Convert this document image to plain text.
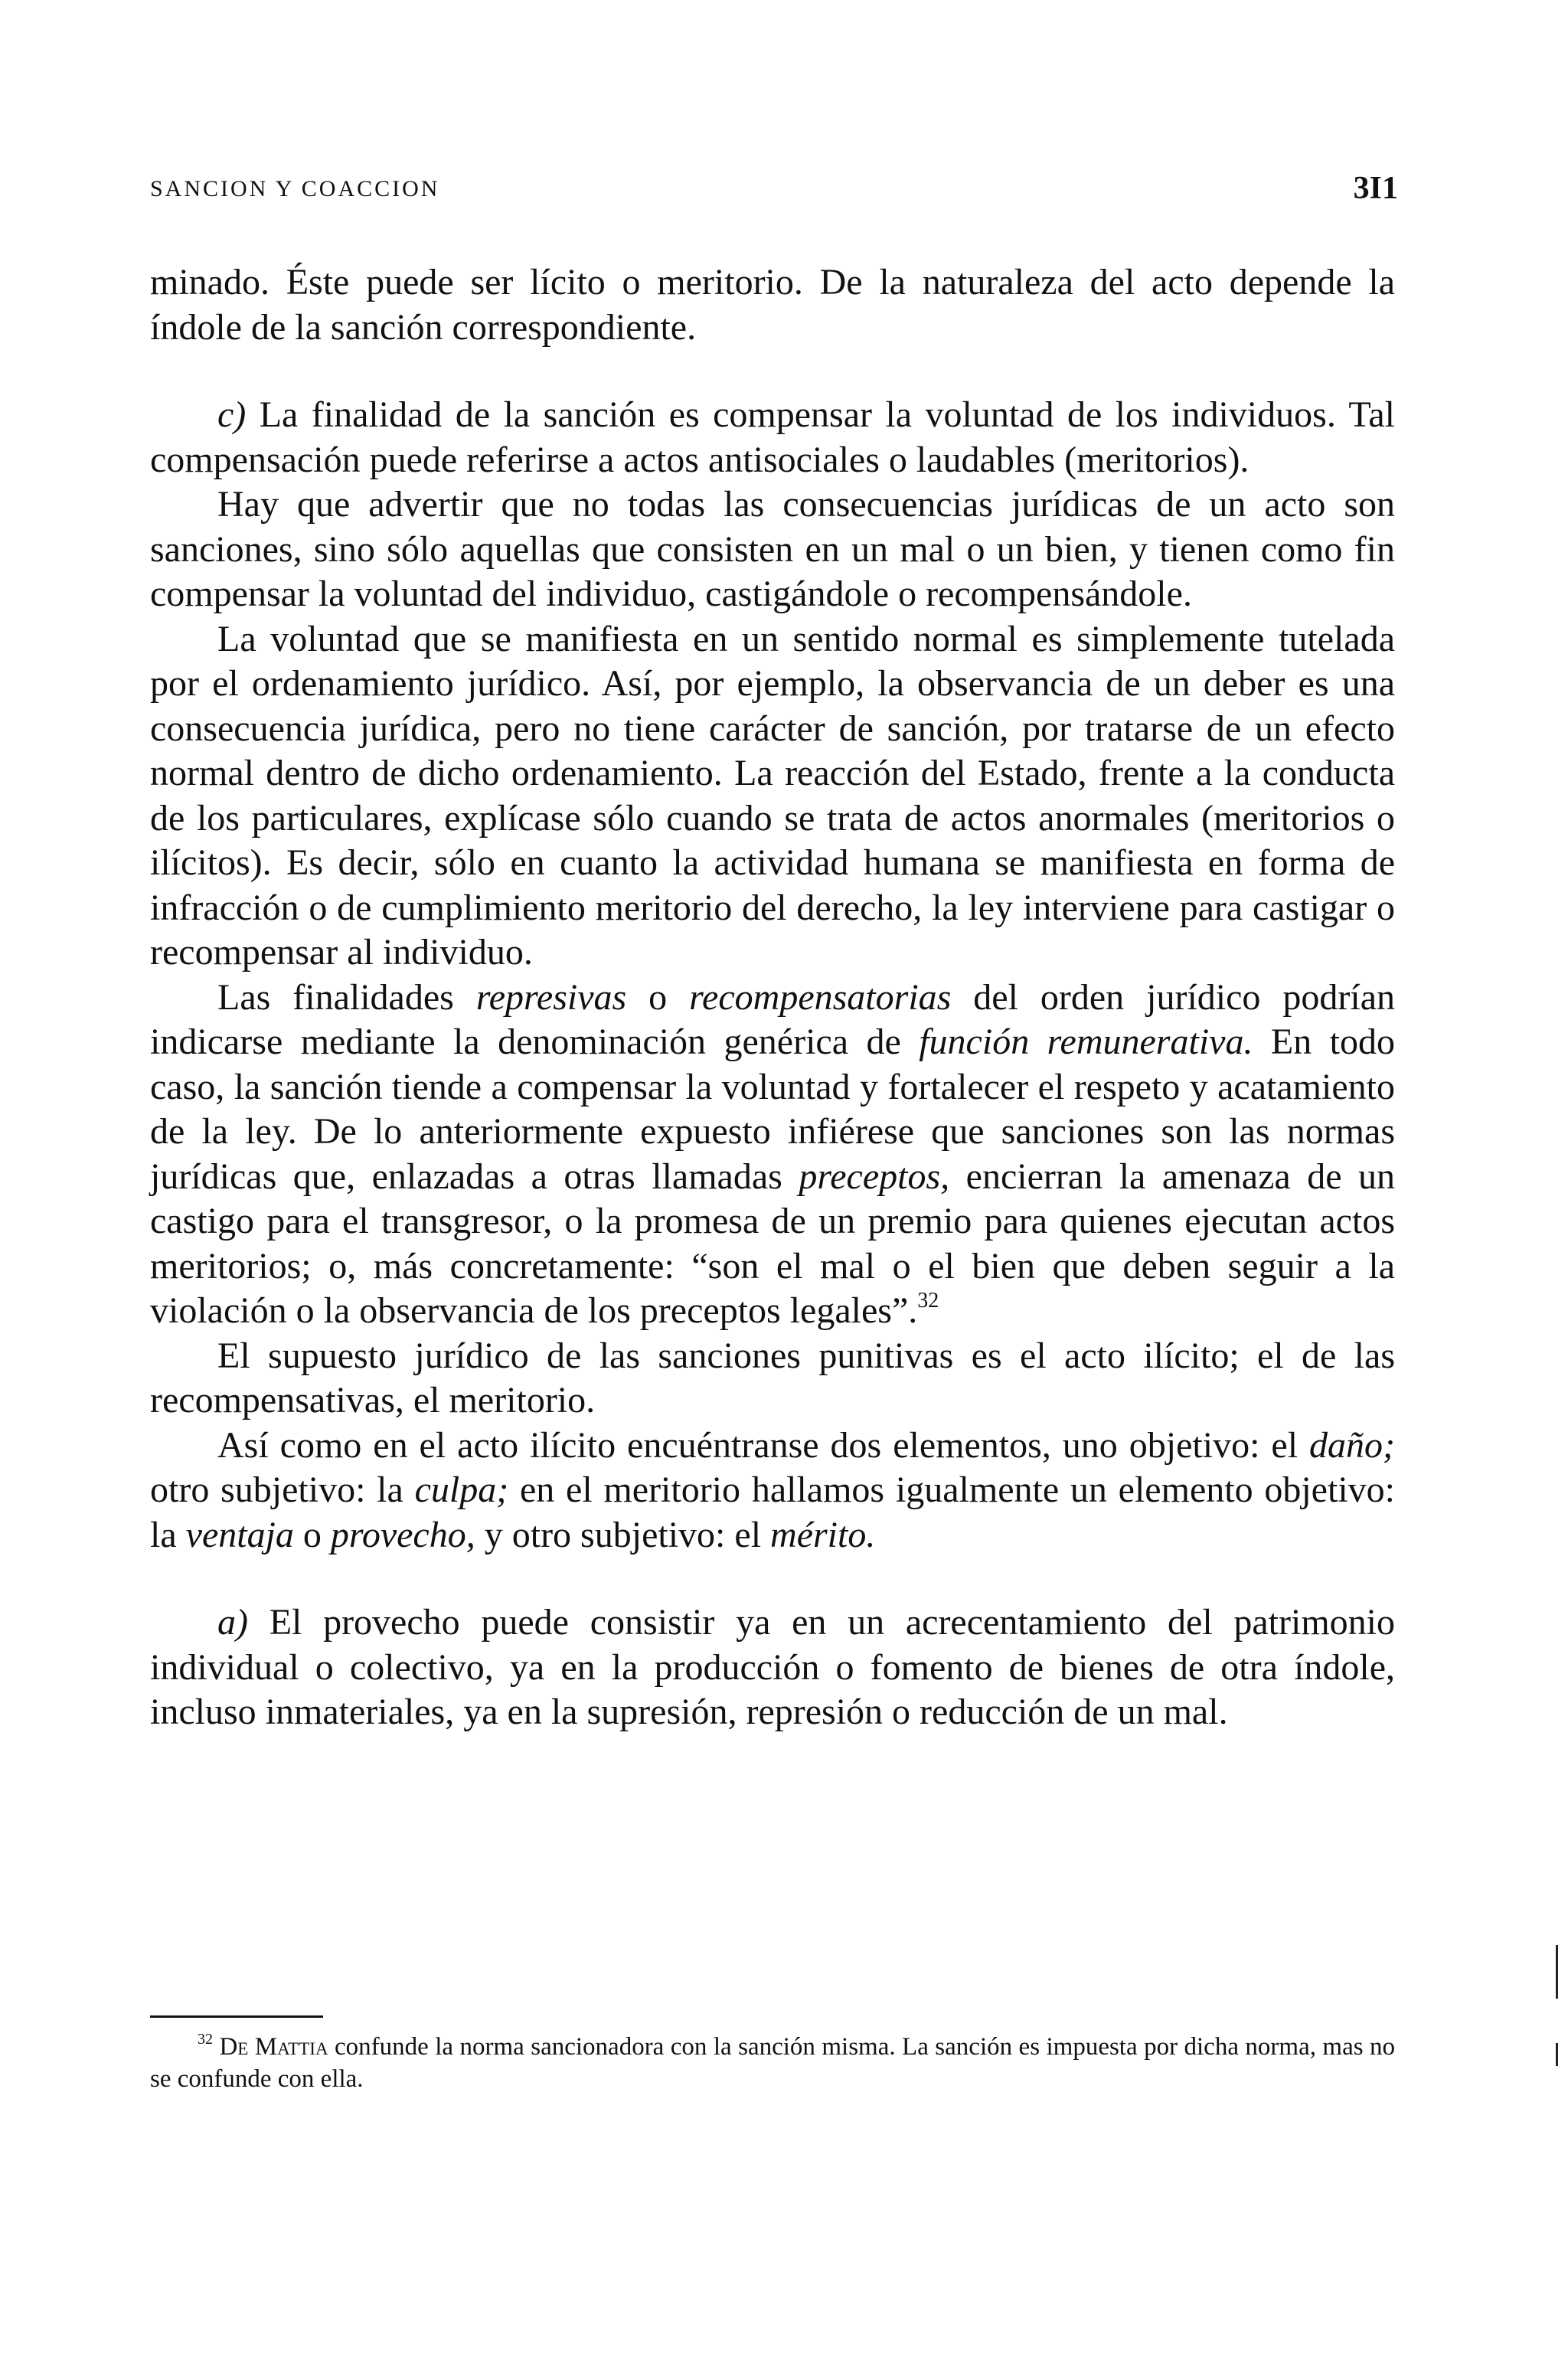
SANCION Y COACCION	3I1

minado. Éste puede ser lícito o meritorio. De la naturaleza del acto depende la índole de la sanción correspondiente.

c) La finalidad de la sanción es compensar la voluntad de los individuos. Tal compensación puede referirse a actos antisociales o laudables (meritorios).

Hay que advertir que no todas las consecuencias jurídicas de un acto son sanciones, sino sólo aquellas que consisten en un mal o un bien, y tienen como fin compensar la voluntad del individuo, castigándole o recompensándole.

La voluntad que se manifiesta en un sentido normal es simplemente tutelada por el ordenamiento jurídico. Así, por ejemplo, la observancia de un deber es una consecuencia jurídica, pero no tiene carácter de sanción, por tratarse de un efecto normal dentro de dicho ordenamiento. La reacción del Estado, frente a la conducta de los particulares, explícase sólo cuando se trata de actos anormales (meritorios o ilícitos). Es decir, sólo en cuanto la actividad humana se manifiesta en forma de infracción o de cumplimiento meritorio del derecho, la ley interviene para castigar o recompensar al individuo.

Las finalidades represivas o recompensatorias del orden jurídico podrían indicarse mediante la denominación genérica de función remunerativa. En todo caso, la sanción tiende a compensar la voluntad y fortalecer el respeto y acatamiento de la ley. De lo anteriormente expuesto infiérese que sanciones son las normas jurídicas que, enlazadas a otras llamadas preceptos, encierran la amenaza de un castigo para el transgresor, o la promesa de un premio para quienes ejecutan actos meritorios; o, más concretamente: “son el mal o el bien que deben seguir a la violación o la observancia de los preceptos legales”.$^{32}$

El supuesto jurídico de las sanciones punitivas es el acto ilícito; el de las recompensativas, el meritorio.

Así como en el acto ilícito encuéntranse dos elementos, uno objetivo: el daño; otro subjetivo: la culpa; en el meritorio hallamos igualmente un elemento objetivo: la ventaja o provecho, y otro subjetivo: el mérito.

a) El provecho puede consistir ya en un acrecentamiento del patrimonio individual o colectivo, ya en la producción o fomento de bienes de otra índole, incluso inmateriales, ya en la supresión, represión o reducción de un mal.

$^{32}$ De Mattia confunde la norma sancionadora con la sanción misma. La sanción es impuesta por dicha norma, mas no se confunde con ella.
